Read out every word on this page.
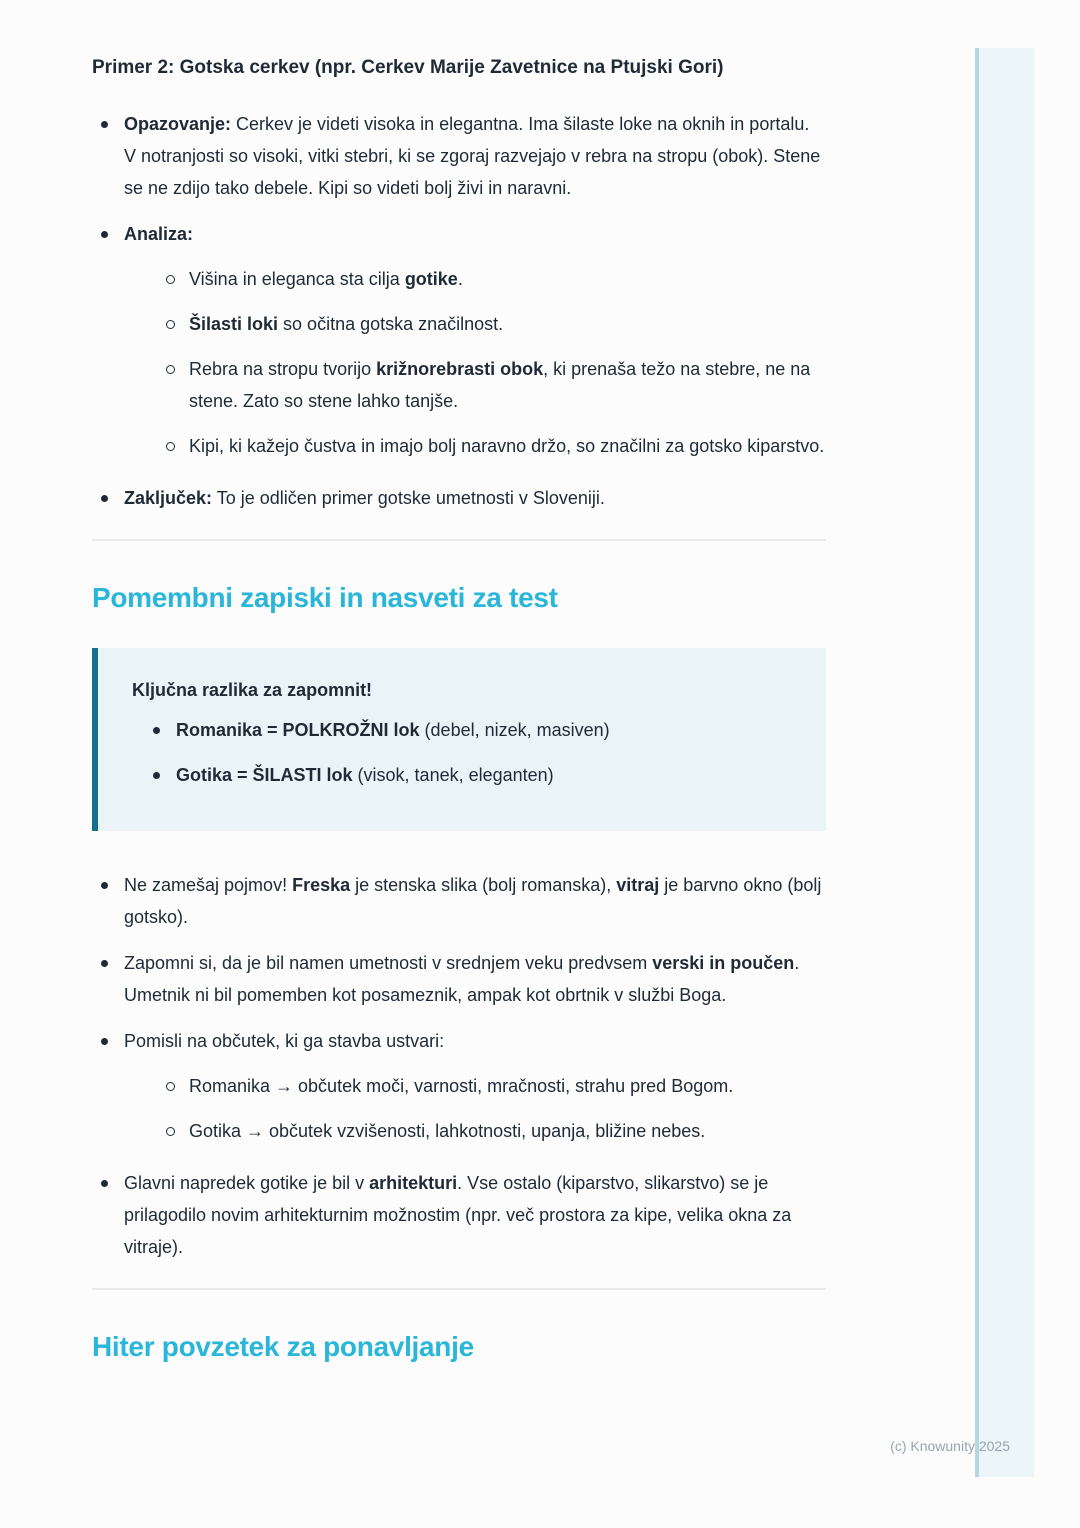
Primer 2: Gotska cerkev (npr. Cerkev Marije Zavetnice na Ptujski Gori)
Opazovanje: Cerkev je videti visoka in elegantna. Ima šilaste loke na oknih in portalu. V notranjosti so visoki, vitki stebri, ki se zgoraj razvejajo v rebra na stropu (obok). Stene se ne zdijo tako debele. Kipi so videti bolj živi in naravni.
Analiza:
Višina in eleganca sta cilja gotike.
Šilasti loki so očitna gotska značilnost.
Rebra na stropu tvorijo križnorebrasti obok, ki prenaša težo na stebre, ne na stene. Zato so stene lahko tanjše.
Kipi, ki kažejo čustva in imajo bolj naravno držo, so značilni za gotsko kiparstvo.
Zaključek: To je odličen primer gotske umetnosti v Sloveniji.
Pomembni zapiski in nasveti za test
Ključna razlika za zapomnit!
Romanika = POLKROŽNI lok (debel, nizek, masiven)
Gotika = ŠILASTI lok (visok, tanek, eleganten)
Ne zamešaj pojmov! Freska je stenska slika (bolj romanska), vitraj je barvno okno (bolj gotsko).
Zapomni si, da je bil namen umetnosti v srednjem veku predvsem verski in poučen. Umetnik ni bil pomemben kot posameznik, ampak kot obrtnik v službi Boga.
Pomisli na občutek, ki ga stavba ustvari:
Romanika → občutek moči, varnosti, mračnosti, strahu pred Bogom.
Gotika → občutek vzvišenosti, lahkotnosti, upanja, bližine nebes.
Glavni napredek gotike je bil v arhitekturi. Vse ostalo (kiparstvo, slikarstvo) se je prilagodilo novim arhitekturnim možnostim (npr. več prostora za kipe, velika okna za vitraje).
Hiter povzetek za ponavljanje
(c) Knowunity 2025
